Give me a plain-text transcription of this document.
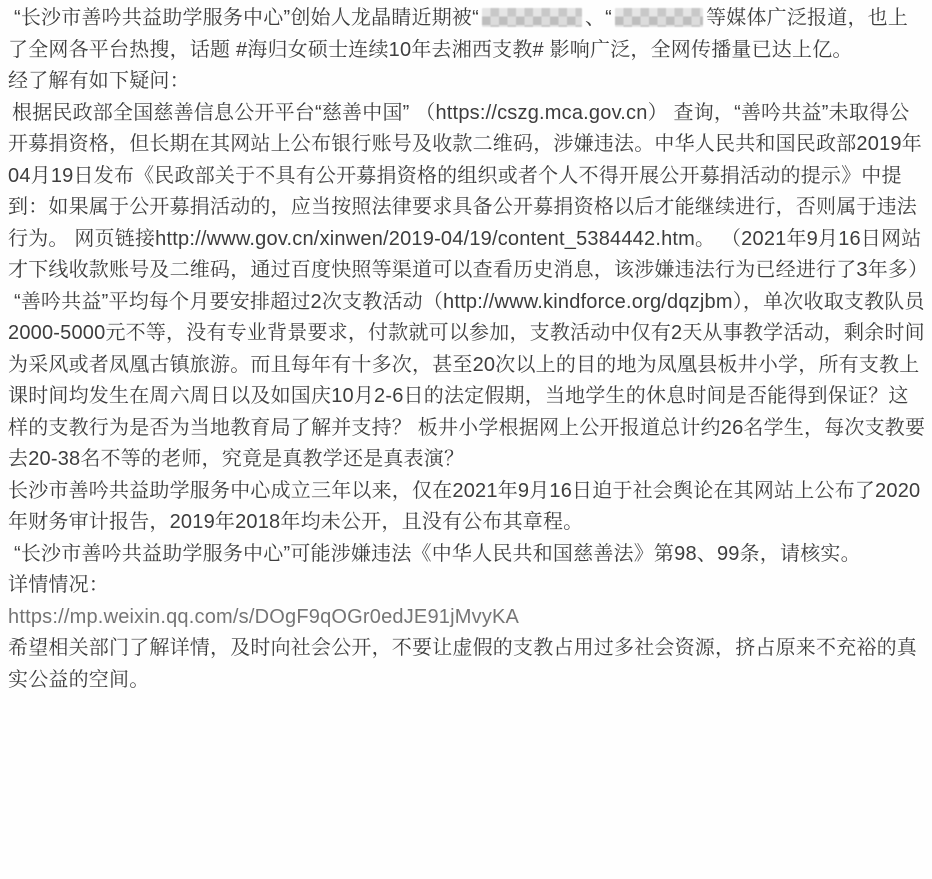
“长沙市善吟共益助学服务中心”创始人龙晶睛近期被“	、“	等媒体广泛报道，也上了全网各平台热搜，话题 #海归女硕士连续10年去湘西支教# 影响广泛，全网传播量已达上亿。

经了解有如下疑问：

根据民政部全国慈善信息公开平台“慈善中国” （https://cszg.mca.gov.cn） 查询，“善吟共益”未取得公开募捐资格，但长期在其网站上公布银行账号及收款二维码，涉嫌违法。中华人民共和国民政部2019年04月19日发布《民政部关于不具有公开募捐资格的组织或者个人不得开展公开募捐活动的提示》中提到：如果属于公开募捐活动的，应当按照法律要求具备公开募捐资格以后才能继续进行，否则属于违法行为。 网页链接http://www.gov.cn/xinwen/2019-04/19/content_5384442.htm。 （2021年9月16日网站才下线收款账号及二维码，通过百度快照等渠道可以查看历史消息，该涉嫌违法行为已经进行了3年多）

“善吟共益”平均每个月要安排超过2次支教活动（http://www.kindforce.org/dqzjbm），单次收取支教队员2000-5000元不等，没有专业背景要求，付款就可以参加，支教活动中仅有2天从事教学活动，剩余时间为采风或者凤凰古镇旅游。而且每年有十多次，甚至20次以上的目的地为凤凰县板井小学，所有支教上课时间均发生在周六周日以及如国庆10月2-6日的法定假期，当地学生的休息时间是否能得到保证？这样的支教行为是否为当地教育局了解并支持？ 板井小学根据网上公开报道总计约26名学生，每次支教要去20-38名不等的老师，究竟是真教学还是真表演？

长沙市善吟共益助学服务中心成立三年以来，仅在2021年9月16日迫于社会舆论在其网站上公布了2020年财务审计报告，2019年2018年均未公开，且没有公布其章程。

“长沙市善吟共益助学服务中心”可能涉嫌违法《中华人民共和国慈善法》第98、99条，请核实。

详情情况：

https://mp.weixin.qq.com/s/DOgF9qOGr0edJE91jMvyKA

希望相关部门了解详情，及时向社会公开，不要让虚假的支教占用过多社会资源，挤占原来不充裕的真实公益的空间。
